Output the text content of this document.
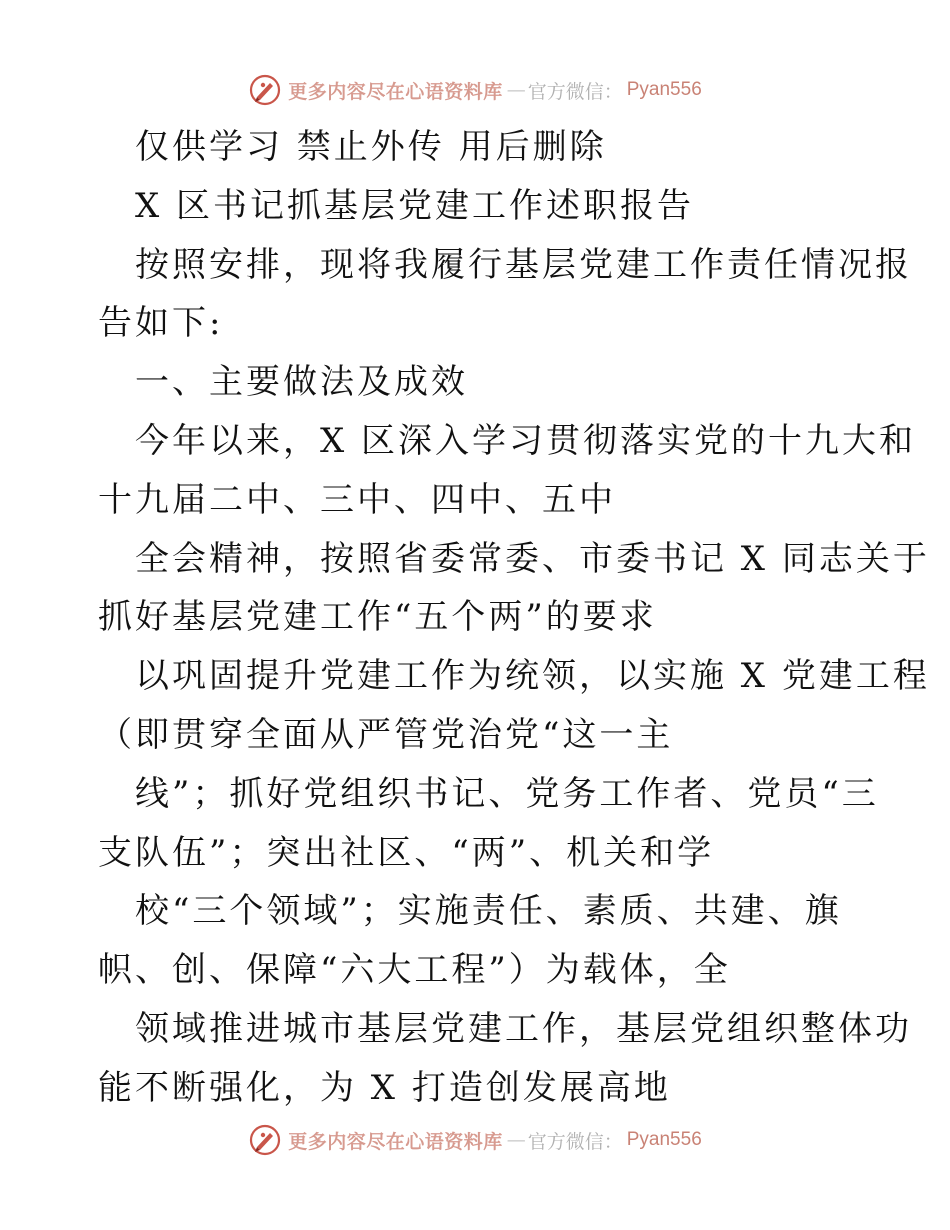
更多内容尽在心语资料库 — 官方微信： Pyan556
仅供学习 禁止外传 用后删除
X 区书记抓基层党建工作述职报告
按照安排，现将我履行基层党建工作责任情况报
告如下:
一、主要做法及成效
今年以来，X 区深入学习贯彻落实党的十九大和
十九届二中、三中、四中、五中
全会精神，按照省委常委、市委书记 X 同志关于
抓好基层党建工作“五个两”的要求
以巩固提升党建工作为统领，以实施 X 党建工程
（即贯穿全面从严管党治党“这一主
线”；抓好党组织书记、党务工作者、党员“三
支队伍”；突出社区、“两”、机关和学
校“三个领域”；实施责任、素质、共建、旗
帜、创、保障“六大工程”）为载体，全
领域推进城市基层党建工作，基层党组织整体功
能不断强化，为 X 打造创发展高地
更多内容尽在心语资料库 — 官方微信： Pyan556
